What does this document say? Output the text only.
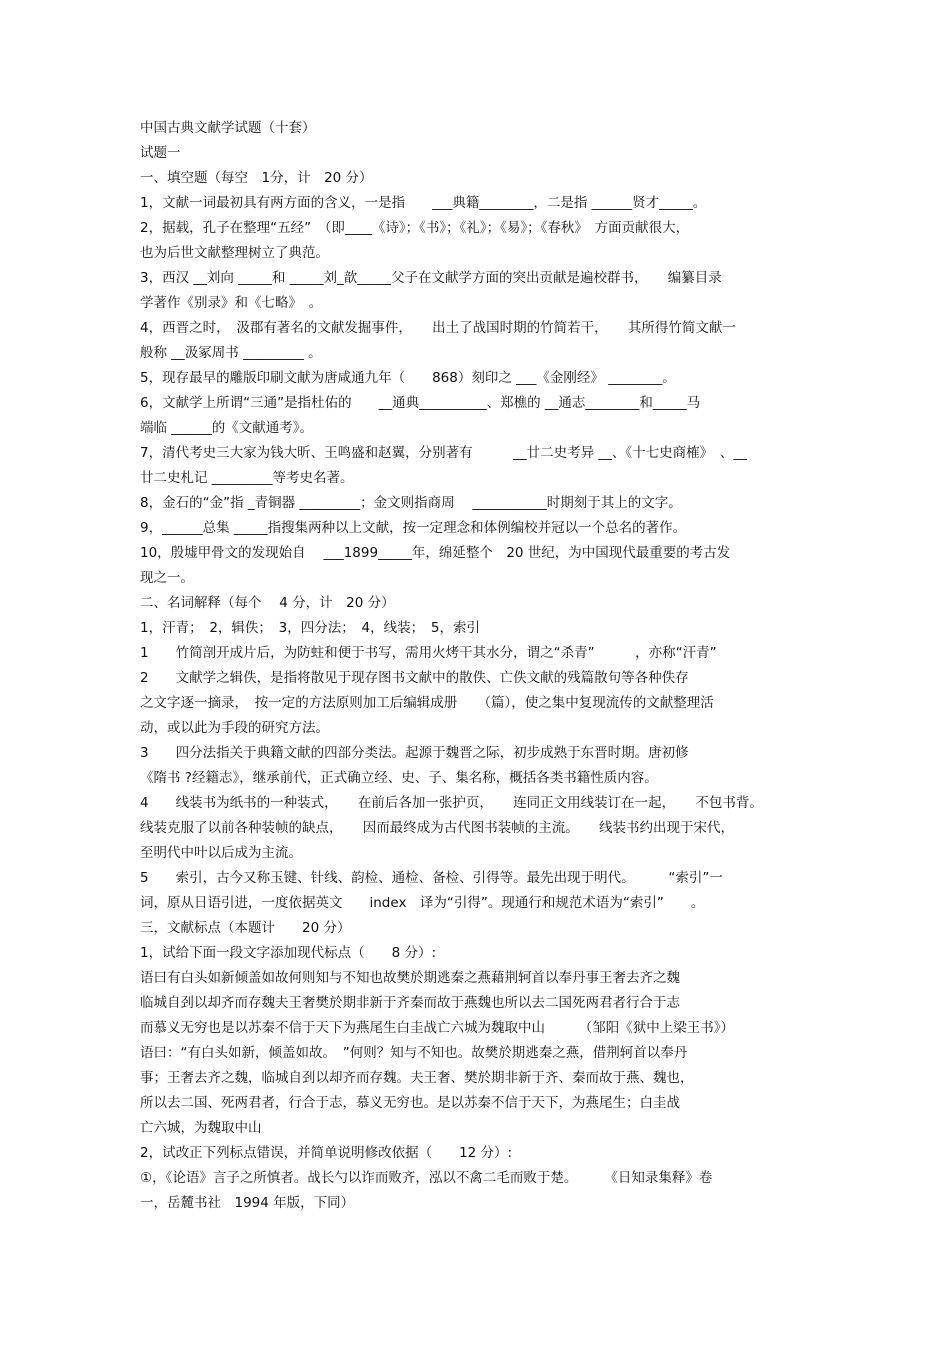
中国古典文献学试题（十套）
试题一
一、填空题（每空　1分，计　20 分）
1，文献一词最初具有两方面的含义，一是指　　___典籍________，二是指 ______贤才_____。
2，据载，孔子在整理“五经”　（即____《诗》；《书》；《礼》；《易》；《春秋》　方面贡献很大，
也为后世文献整理树立了典范。
3，西汉 __刘向 _____和 _____刘_歆_____父子在文献学方面的突出贡献是遍校群书，　　编纂目录
学著作《别录》和《七略》　。
4，西晋之时，　汲郡有著名的文献发掘事件，　　出土了战国时期的竹简若干，　　其所得竹简文献一
般称 __汲冢周书 _________ 。
5，现存最早的雕版印刷文献为唐咸通九年（　　868）刻印之 ___《金刚经》 ________。
6，文献学上所谓“三通”是指杜佑的　　__通典__________、郑樵的 __通志________和_____马
端临 ______的《文献通考》。
7，清代考史三大家为钱大昕、王鸣盛和赵翼，分别著有　　　__廿二史考异 __、《十七史商榷》　、__
廿二史札记 _________等考史名著。
8，金石的“金”指 _青铜器 _________；金文则指商周　 ___________时期刻于其上的文字。
9，______总集 _____指搜集两种以上文献，按一定理念和体例编校并冠以一个总名的著作。
10，殷墟甲骨文的发现始自　 ___1899_____年，绵延整个　20 世纪，为中国现代最重要的考古发
现之一。
二、名词解释（每个　 4 分，计　20 分）
1，汗青；　2，辑佚；　3，四分法；　4，线装；　5，索引
1　　竹简剖开成片后，为防蛀和便于书写，需用火烤干其水分，谓之“杀青”　　　，亦称“汗青”
2　　文献学之辑佚，是指将散见于现存图书文献中的散佚、亡佚文献的残篇散句等各种佚存
之文字逐一摘录，　按一定的方法原则加工后编辑成册　　（篇），使之集中复现流传的文献整理活
动，或以此为手段的研究方法。
3　　四分法指关于典籍文献的四部分类法。起源于魏晋之际，初步成熟于东晋时期。唐初修
《隋书 ?经籍志》，继承前代，正式确立经、史、子、集名称，概括各类书籍性质内容。
4　　线装书为纸书的一种装式，　　在前后各加一张护页，　　连同正文用线装订在一起，　　不包书背。
线装克服了以前各种装帧的缺点，　　因而最终成为古代图书装帧的主流。　　线装书约出现于宋代，
至明代中叶以后成为主流。
5　　索引，古今又称玉键、针线、韵检、通检、备检、引得等。最先出现于明代。　　　“索引”一
词，原从日语引进，一度依据英文　　index　译为“引得”。现通行和规范术语为“索引”　　。
三，文献标点（本题计　　20 分）
1，试给下面一段文字添加现代标点（　　8 分）:
语曰有白头如新倾盖如故何则知与不知也故樊於期逃秦之燕藉荆轲首以奉丹事王奢去齐之魏
临城自刭以却齐而存魏夫王奢樊於期非新于齐秦而故于燕魏也所以去二国死两君者行合于志
而慕义无穷也是以苏秦不信于天下为燕尾生白圭战亡六城为魏取中山　　　（邹阳《狱中上梁王书》）
语曰：“有白头如新，倾盖如故。　”何则？知与不知也。故樊於期逃秦之燕，借荆轲首以奉丹
事；王奢去齐之魏，临城自刭以却齐而存魏。夫王奢、樊於期非新于齐、秦而故于燕、魏也，
所以去二国、死两君者，行合于志，慕义无穷也。是以苏秦不信于天下，为燕尾生；白圭战
亡六城，为魏取中山
2，试改正下列标点错误，并简单说明修改依据（　　12 分）:
①，《论语》言子之所慎者。战长勺以诈而败齐，泓以不禽二毛而败于楚。　　　《日知录集释》卷
一，岳麓书社　1994 年版，下同）
